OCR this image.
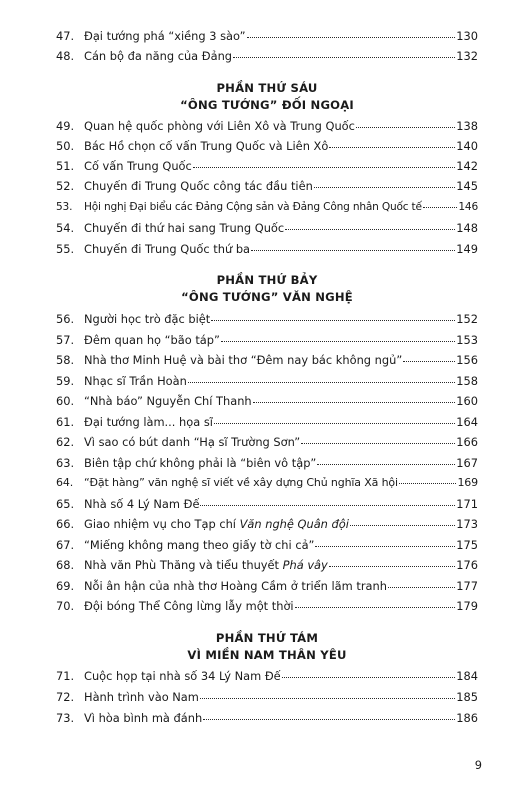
47. Đại tướng phá “xiềng 3 sào”	130
48. Cán bộ đa năng của Đảng	132
PHẦN THỨ SÁU
“ÔNG TƯỚNG” ĐỐI NGOẠI
49. Quan hệ quốc phòng với Liên Xô và Trung Quốc	138
50. Bác Hồ chọn cố vấn Trung Quốc và Liên Xô	140
51. Cố vấn Trung Quốc	142
52. Chuyến đi Trung Quốc công tác đầu tiên	145
53.	Hội nghị Đại biểu các Đảng Cộng sản và Đảng Công nhân Quốc tế	146
54. Chuyến đi thứ hai sang Trung Quốc	148
55. Chuyến đi Trung Quốc thứ ba	149
PHẦN THỨ BẢY
“ÔNG TƯỚNG” VĂN NGHỆ
56. Người học trò đặc biệt	152
57. Đêm quan họ “bão táp”	153
58. Nhà thơ Minh Huệ và bài thơ “Đêm nay bác không ngủ”	156
59. Nhạc sĩ Trần Hoàn	158
60. “Nhà báo” Nguyễn Chí Thanh	160
61. Đại tướng làm... họa sĩ	164
62. Vì sao có bút danh “Hạ sĩ Trường Sơn”	166
63. Biên tập chứ không phải là “biên vô tập”	167
64. “Đặt hàng” văn nghệ sĩ viết về xây dựng Chủ nghĩa Xã hội	169
65. Nhà số 4 Lý Nam Đế	171
66. Giao nhiệm vụ cho Tạp chí Văn nghệ Quân đội	173
67. “Miếng không mang theo giấy tờ chi cả”	175
68. Nhà văn Phù Thăng và tiểu thuyết Phá vây	176
69. Nỗi ân hận của nhà thơ Hoàng Cầm ở triển lãm tranh	177
70. Đội bóng Thể Công lừng lẫy một thời	179
PHẦN THỨ TÁM
VÌ MIỀN NAM THÂN YÊU
71. Cuộc họp tại nhà số 34 Lý Nam Đế	184
72. Hành trình vào Nam	185
73. Vì hòa bình mà đánh	186
9
